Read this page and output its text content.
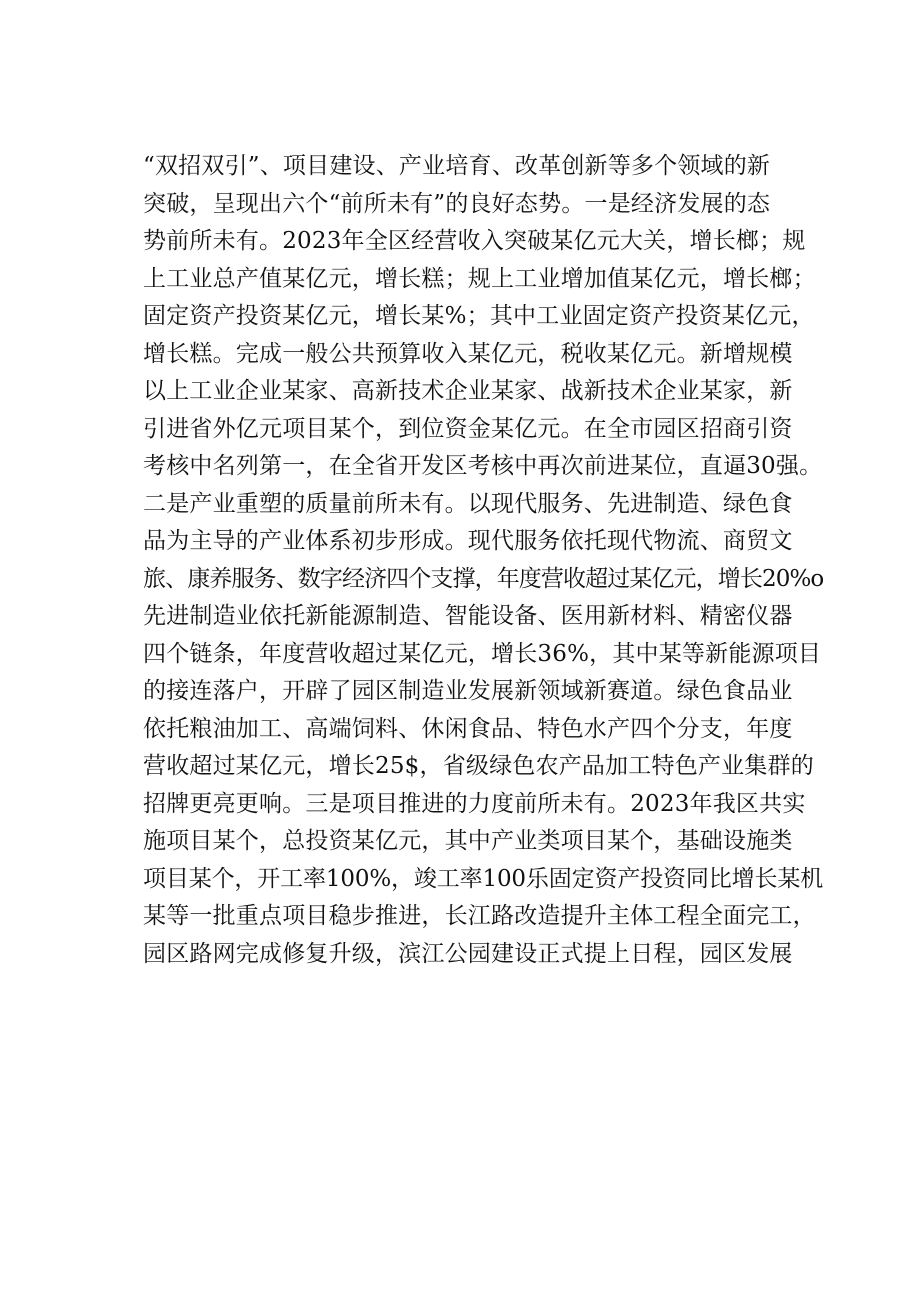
“双招双引”、项目建设、产业培育、改革创新等多个领域的新
突破，呈现出六个“前所未有”的良好态势。一是经济发展的态
势前所未有。2023年全区经营收入突破某亿元大关，增长榔；规
上工业总产值某亿元，增长糕；规上工业增加值某亿元，增长榔；
固定资产投资某亿元，增长某%；其中工业固定资产投资某亿元，
增长糕。完成一般公共预算收入某亿元，税收某亿元。新增规模
以上工业企业某家、高新技术企业某家、战新技术企业某家，新
引进省外亿元项目某个，到位资金某亿元。在全市园区招商引资
考核中名列第一，在全省开发区考核中再次前进某位，直逼30强。
二是产业重塑的质量前所未有。以现代服务、先进制造、绿色食
品为主导的产业体系初步形成。现代服务依托现代物流、商贸文
旅、康养服务、数字经济四个支撑，年度营收超过某亿元，增长20%o
先进制造业依托新能源制造、智能设备、医用新材料、精密仪器
四个链条，年度营收超过某亿元，增长36%，其中某等新能源项目
的接连落户，开辟了园区制造业发展新领域新赛道。绿色食品业
依托粮油加工、高端饲料、休闲食品、特色水产四个分支，年度
营收超过某亿元，增长25$，省级绿色农产品加工特色产业集群的
招牌更亮更响。三是项目推进的力度前所未有。2023年我区共实
施项目某个，总投资某亿元，其中产业类项目某个，基础设施类
项目某个，开工率100%，竣工率100乐固定资产投资同比增长某机
某等一批重点项目稳步推进，长江路改造提升主体工程全面完工，
园区路网完成修复升级，滨江公园建设正式提上日程，园区发展
